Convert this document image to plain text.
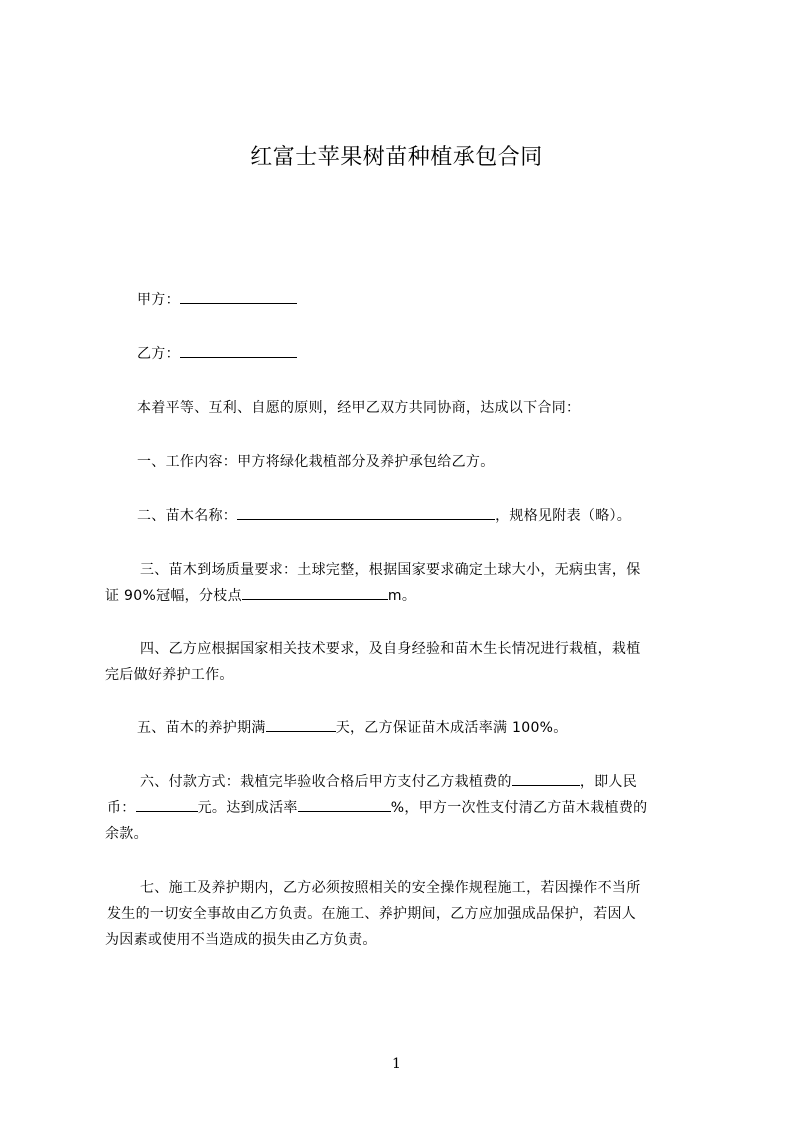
红富士苹果树苗种植承包合同
甲方：
乙方：
本着平等、互利、自愿的原则，经甲乙双方共同协商，达成以下合同：
一、工作内容：甲方将绿化栽植部分及养护承包给乙方。
二、苗木名称：	，规格见附表（略）。
三、苗木到场质量要求：土球完整，根据国家要求确定土球大小，无病虫害，保
证 90%冠幅，分枝点	m。
四、乙方应根据国家相关技术要求，及自身经验和苗木生长情况进行栽植，栽植
完后做好养护工作。
五、苗木的养护期满	天，乙方保证苗木成活率满 100%。
六、付款方式：栽植完毕验收合格后甲方支付乙方栽植费的	，即人民
币：	元。达到成活率	%，甲方一次性支付清乙方苗木栽植费的
余款。
七、施工及养护期内，乙方必须按照相关的安全操作规程施工，若因操作不当所
发生的一切安全事故由乙方负责。在施工、养护期间，乙方应加强成品保护，若因人
为因素或使用不当造成的损失由乙方负责。
1
